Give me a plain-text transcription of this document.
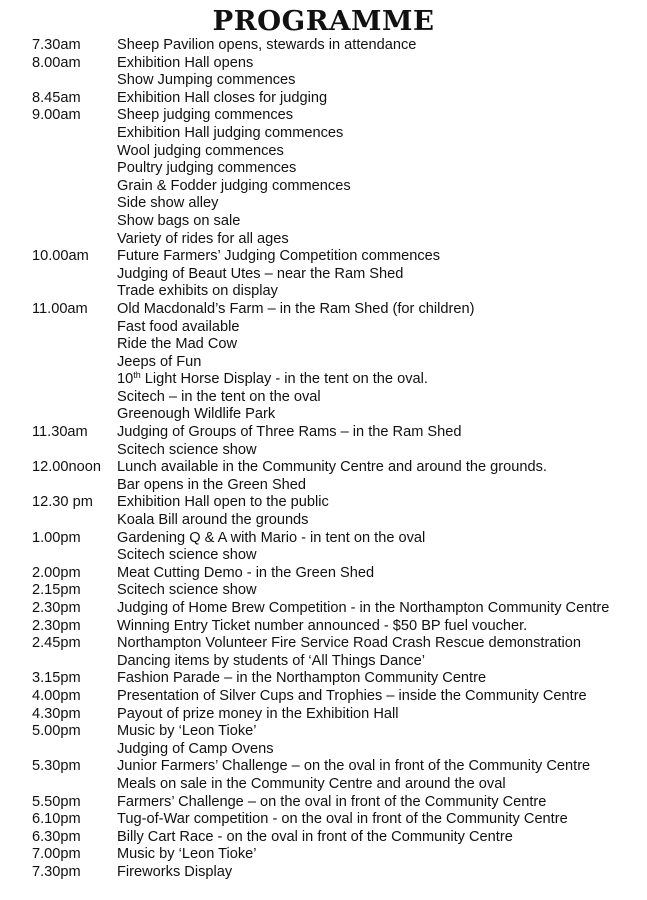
PROGRAMME
7.30am	Sheep Pavilion opens, stewards in attendance
8.00am	Exhibition Hall opens
Show Jumping commences
8.45am	Exhibition Hall closes for judging
9.00am	Sheep judging commences
Exhibition Hall judging commences
Wool judging commences
Poultry judging commences
Grain & Fodder judging commences
Side show alley
Show bags on sale
Variety of rides for all ages
10.00am	Future Farmers’ Judging Competition commences
Judging of Beaut Utes – near the Ram Shed
Trade exhibits on display
11.00am	Old Macdonald’s Farm – in the Ram Shed (for children)
Fast food available
Ride the Mad Cow
Jeeps of Fun
10th Light Horse Display - in the tent on the oval.
Scitech – in the tent on the oval
Greenough Wildlife Park
11.30am	Judging of Groups of Three Rams – in the Ram Shed
Scitech science show
12.00noon	Lunch available in the Community Centre and around the grounds.
Bar opens in the Green Shed
12.30 pm	Exhibition Hall open to the public
Koala Bill around the grounds
1.00pm	Gardening Q & A with Mario - in tent on the oval
Scitech science show
2.00pm	Meat Cutting Demo - in the Green Shed
2.15pm	Scitech science show
2.30pm	Judging of Home Brew Competition - in the Northampton Community Centre
2.30pm	Winning Entry Ticket number announced - $50 BP fuel voucher.
2.45pm	Northampton Volunteer Fire Service Road Crash Rescue demonstration
Dancing items by students of ‘All Things Dance’
3.15pm	Fashion Parade – in the Northampton Community Centre
4.00pm	Presentation of Silver Cups and Trophies – inside the Community Centre
4.30pm	Payout of prize money in the Exhibition Hall
5.00pm	Music by ‘Leon Tioke’
Judging of Camp Ovens
5.30pm	Junior Farmers’ Challenge – on the oval in front of the Community Centre
Meals on sale in the Community Centre and around the oval
5.50pm	Farmers’ Challenge – on the oval in front of the Community Centre
6.10pm	Tug-of-War competition - on the oval in front of the Community Centre
6.30pm	Billy Cart Race - on the oval in front of the Community Centre
7.00pm	Music by ‘Leon Tioke’
7.30pm	Fireworks Display
